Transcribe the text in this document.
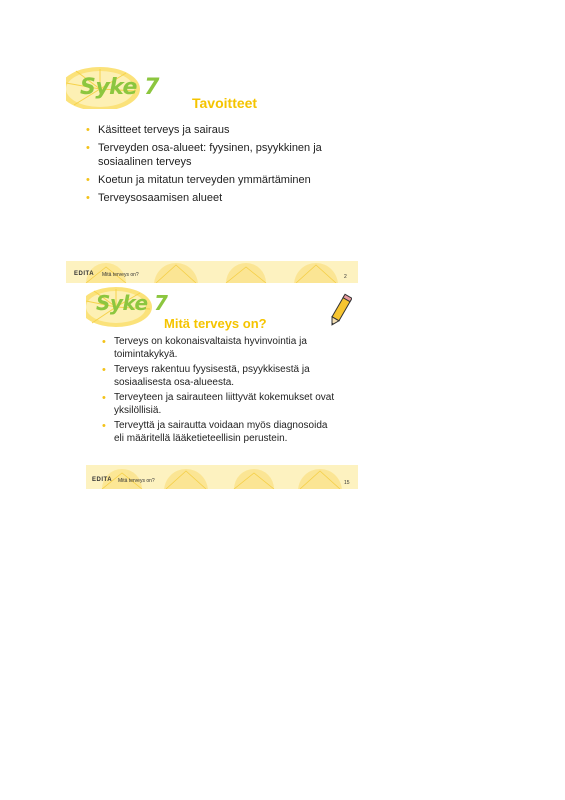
Syke 7
Tavoitteet
• Käsitteet terveys ja sairaus
• Terveyden osa-alueet: fyysinen, psyykkinen ja sosiaalinen terveys
• Koetun ja mitatun terveyden ymmärtäminen
• Terveysosaamisen alueet
EDITA Mitä terveys on?	2
Syke 7
Mitä terveys on?
• Terveys on kokonaisvaltaista hyvinvointia ja toimintakykyä.
• Terveys rakentuu fyysisestä, psyykkisestä ja sosiaalisesta osa-alueesta.
• Terveyteen ja sairauteen liittyvät kokemukset ovat yksilöllisiä.
• Terveyttä ja sairautta voidaan myös diagnosoida eli määritellä lääketieteellisin perustein.
EDITA Mitä terveys on?	15
